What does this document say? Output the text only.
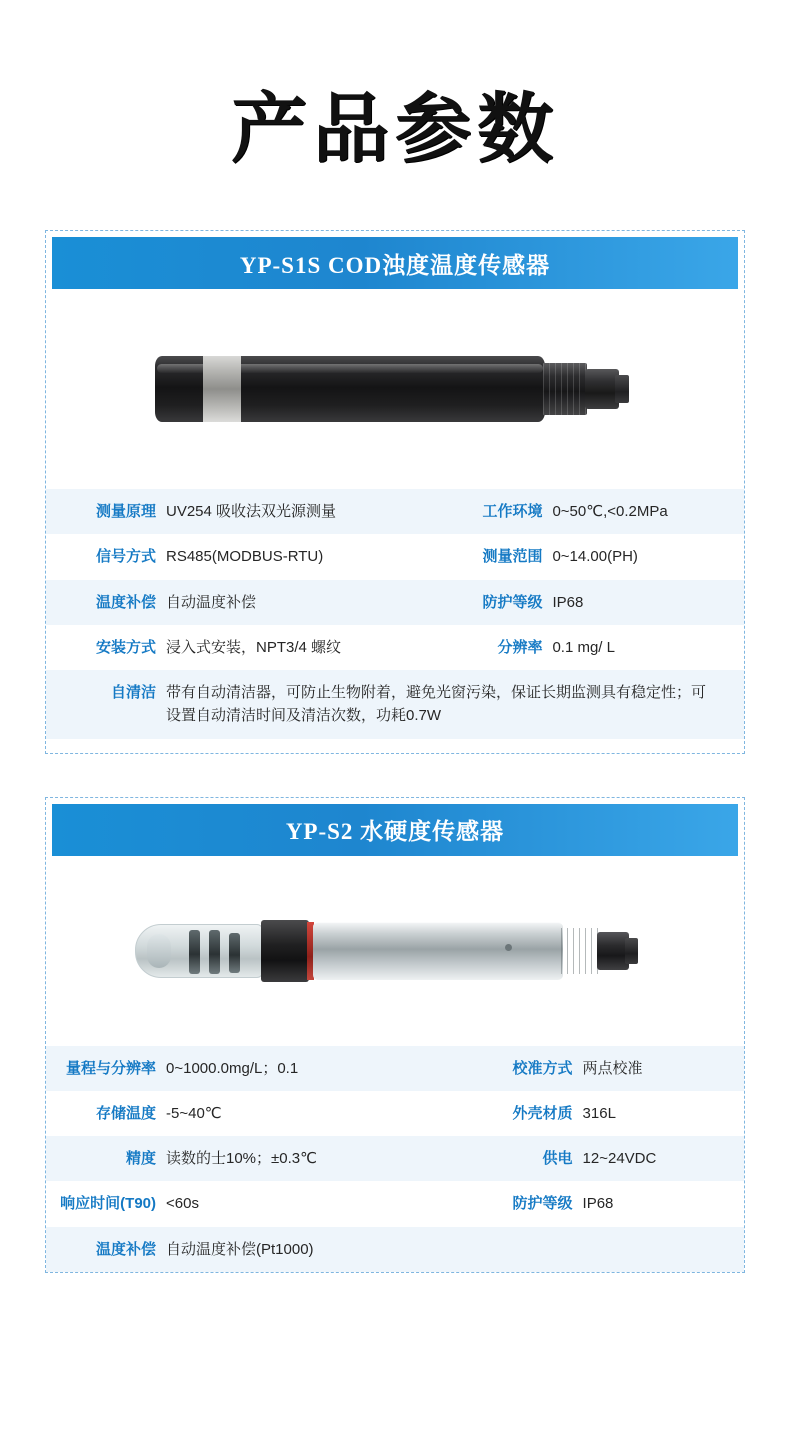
产品参数
YP-S1S COD浊度温度传感器
测量原理	UV254 吸收法双光源测量	工作环境	0~50℃,<0.2MPa
信号方式	RS485(MODBUS-RTU)	测量范围	0~14.00(PH)
温度补偿	自动温度补偿	防护等级	IP68
安装方式	浸入式安装，NPT3/4 螺纹	分辨率	0.1 mg/ L
自清洁	带有自动清洁器，可防止生物附着，避免光窗污染，保证长期监测具有稳定性；可设置自动清洁时间及清洁次数，功耗0.7W		
YP-S2 水硬度传感器
量程与分辨率	0~1000.0mg/L；0.1	校准方式	两点校准
存储温度	-5~40℃	外壳材质	316L
精度	读数的士10%；±0.3℃	供电	12~24VDC
响应时间(T90)	<60s	防护等级	IP68
温度补偿	自动温度补偿(Pt1000)		
